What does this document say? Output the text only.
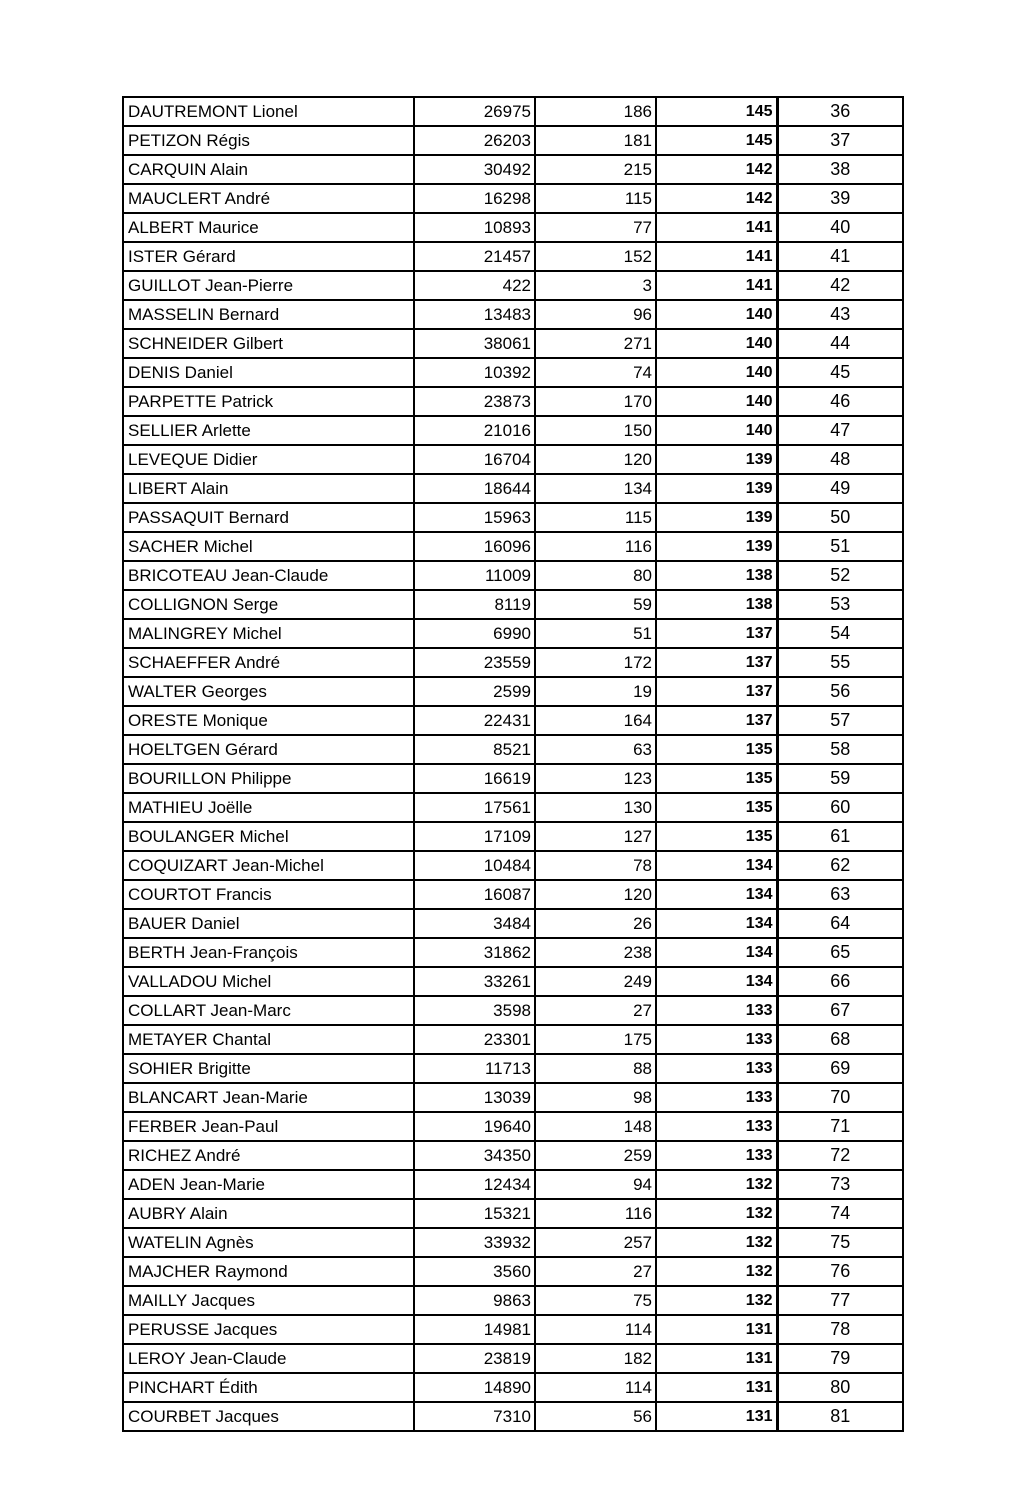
DAUTREMONT Lionel	26975	186	145	36
PETIZON Régis	26203	181	145	37
CARQUIN Alain	30492	215	142	38
MAUCLERT André	16298	115	142	39
ALBERT Maurice	10893	77	141	40
ISTER Gérard	21457	152	141	41
GUILLOT Jean-Pierre	422	3	141	42
MASSELIN Bernard	13483	96	140	43
SCHNEIDER Gilbert	38061	271	140	44
DENIS Daniel	10392	74	140	45
PARPETTE Patrick	23873	170	140	46
SELLIER Arlette	21016	150	140	47
LEVEQUE Didier	16704	120	139	48
LIBERT Alain	18644	134	139	49
PASSAQUIT Bernard	15963	115	139	50
SACHER Michel	16096	116	139	51
BRICOTEAU Jean-Claude	11009	80	138	52
COLLIGNON Serge	8119	59	138	53
MALINGREY Michel	6990	51	137	54
SCHAEFFER André	23559	172	137	55
WALTER Georges	2599	19	137	56
ORESTE Monique	22431	164	137	57
HOELTGEN Gérard	8521	63	135	58
BOURILLON Philippe	16619	123	135	59
MATHIEU Joëlle	17561	130	135	60
BOULANGER Michel	17109	127	135	61
COQUIZART Jean-Michel	10484	78	134	62
COURTOT Francis	16087	120	134	63
BAUER Daniel	3484	26	134	64
BERTH Jean-François	31862	238	134	65
VALLADOU Michel	33261	249	134	66
COLLART Jean-Marc	3598	27	133	67
METAYER Chantal	23301	175	133	68
SOHIER Brigitte	11713	88	133	69
BLANCART Jean-Marie	13039	98	133	70
FERBER Jean-Paul	19640	148	133	71
RICHEZ André	34350	259	133	72
ADEN Jean-Marie	12434	94	132	73
AUBRY Alain	15321	116	132	74
WATELIN Agnès	33932	257	132	75
MAJCHER Raymond	3560	27	132	76
MAILLY Jacques	9863	75	132	77
PERUSSE Jacques	14981	114	131	78
LEROY Jean-Claude	23819	182	131	79
PINCHART Édith	14890	114	131	80
COURBET Jacques	7310	56	131	81
